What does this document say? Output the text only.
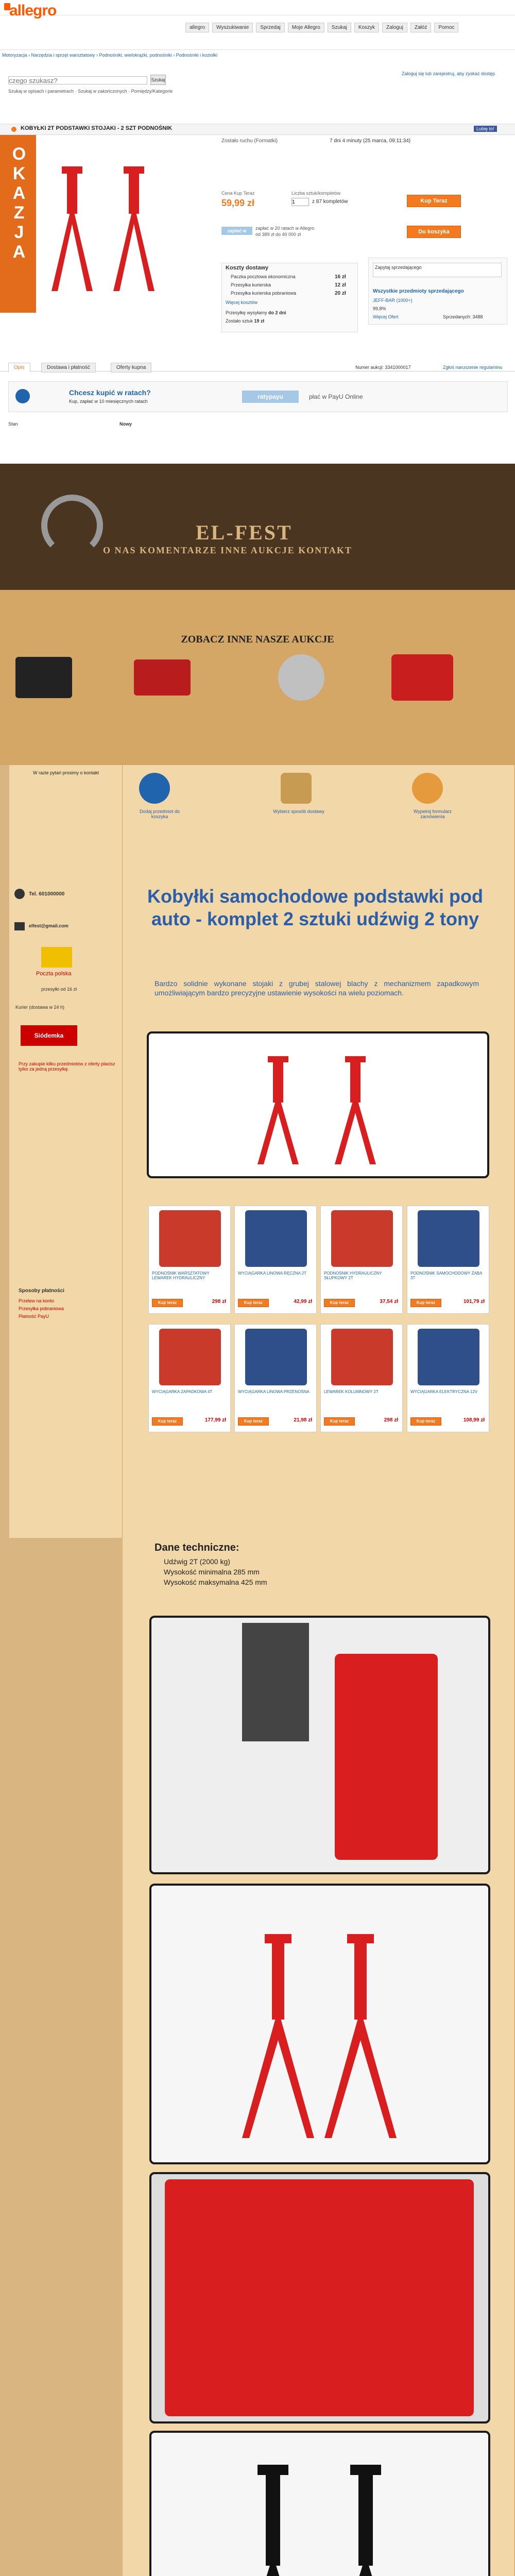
allegro
allegro	Wyszukiwanie	Sprzedaj	Moje Allegro	Szukaj	Koszyk	Zaloguj	Załóż	Pomoc
Motoryzacja › Narzędzia i sprzęt warsztatowy › Podnośniki, wielokrążki, podnośniki › Podnośniki i koziołki
czego szukasz?
Szukaj
Szukaj w opisach i parametrach · Szukaj w zakończonych · Pomiędzy/Kategorie
Zaloguj się lub zarejestruj, aby zyskać dostęp
KOBYŁKI 2T PODSTAWKI STOJAKI - 2 SZT PODNOŚNIK	Lubię to!
OKAZJA
Zostało ruchu (Formatki)	7 dni 4 minuty (25 marca, 09:11:34)
Cena Kup Teraz
59,99 zł
Liczba sztuk/kompletów
1
z 87 kompletów	Kup Teraz
Do koszyka
zapłać w PayU
zapłać w 20 ratach w Allegro
od 389 zł do 40 000 zł
Koszty dostawy
Paczka pocztowa ekonomiczna	16 zł
Przesyłka kurierska	12 zł
Przesyłka kurierska pobraniowa	20 zł
Więcej kosztów
Przesyłkę wysyłamy do 2 dni
Zostało sztuk 19 zł
Zapytaj sprzedającego
Wszystkie przedmioty sprzedającego
JEFF-BAR (1000+)
99,8%
Więcej Ofert	Sprzedanych: 3488
Opis	Dostawa i płatność	Oferty kupna	Numer aukcji: 3341000017	Zgłoś naruszenie regulaminu
Chcesz kupić w ratach?
Kup, zapłać w 10 miesięcznych ratach
ratypayu	płać w PayU Online
Stan	Nowy
EL-FEST
O NAS KOMENTARZE INNE AUKCJE KONTAKT
ZOBACZ INNE NASZE AUKCJE
Dodaj przedmiot do koszyka
Wybierz sposób dostawy	Wypełnij formularz zamówienia
Kobyłki samochodowe podstawki pod auto - komplet 2 sztuki udźwig 2 tony
Bardzo solidnie wykonane stojaki z grubej stalowej blachy z mechanizmem zapadkowym umożliwiającym bardzo precyzyjne ustawienie wysokości na wielu poziomach.
W razie pytań prosimy o kontakt
Tel. 601000000
elfest@gmail.com
Poczta polska
przesyłki od 16 zł
Kurier (dostawa w 24 h)
Siódemka
Przy zakupie kilku przedmiotów z oferty płacisz tylko za jedną przesyłkę.
Sposoby płatności
Przelew na konto
Przesyłka pobraniowa
Płatność PayU
PODNOŚNIK WARSZTATOWY LEWAREK HYDRAULICZNY
Kup teraz	298 zł
WYCIĄGARKA LINOWA RĘCZNA 2T
Kup teraz	42,99 zł
PODNOŚNIK HYDRAULICZNY SŁUPKOWY 2T
Kup teraz	37,54 zł
PODNOŚNIK SAMOCHODOWY ŻABA 3T
Kup teraz	101,79 zł
WYCIĄGARKA ZAPADKOWA 4T
Kup teraz	177,99 zł
WYCIĄGARKA LINOWA PRZENOŚNA
Kup teraz	21,98 zł
LEWAREK KOLUMNOWY 2T
Kup teraz	298 zł
WYCIĄGARKA ELEKTRYCZNA 12V
Kup teraz	108,99 zł
Dane techniczne:
Udźwig 2T (2000 kg)
Wysokość minimalna 285 mm
Wysokość maksymalna 425 mm
